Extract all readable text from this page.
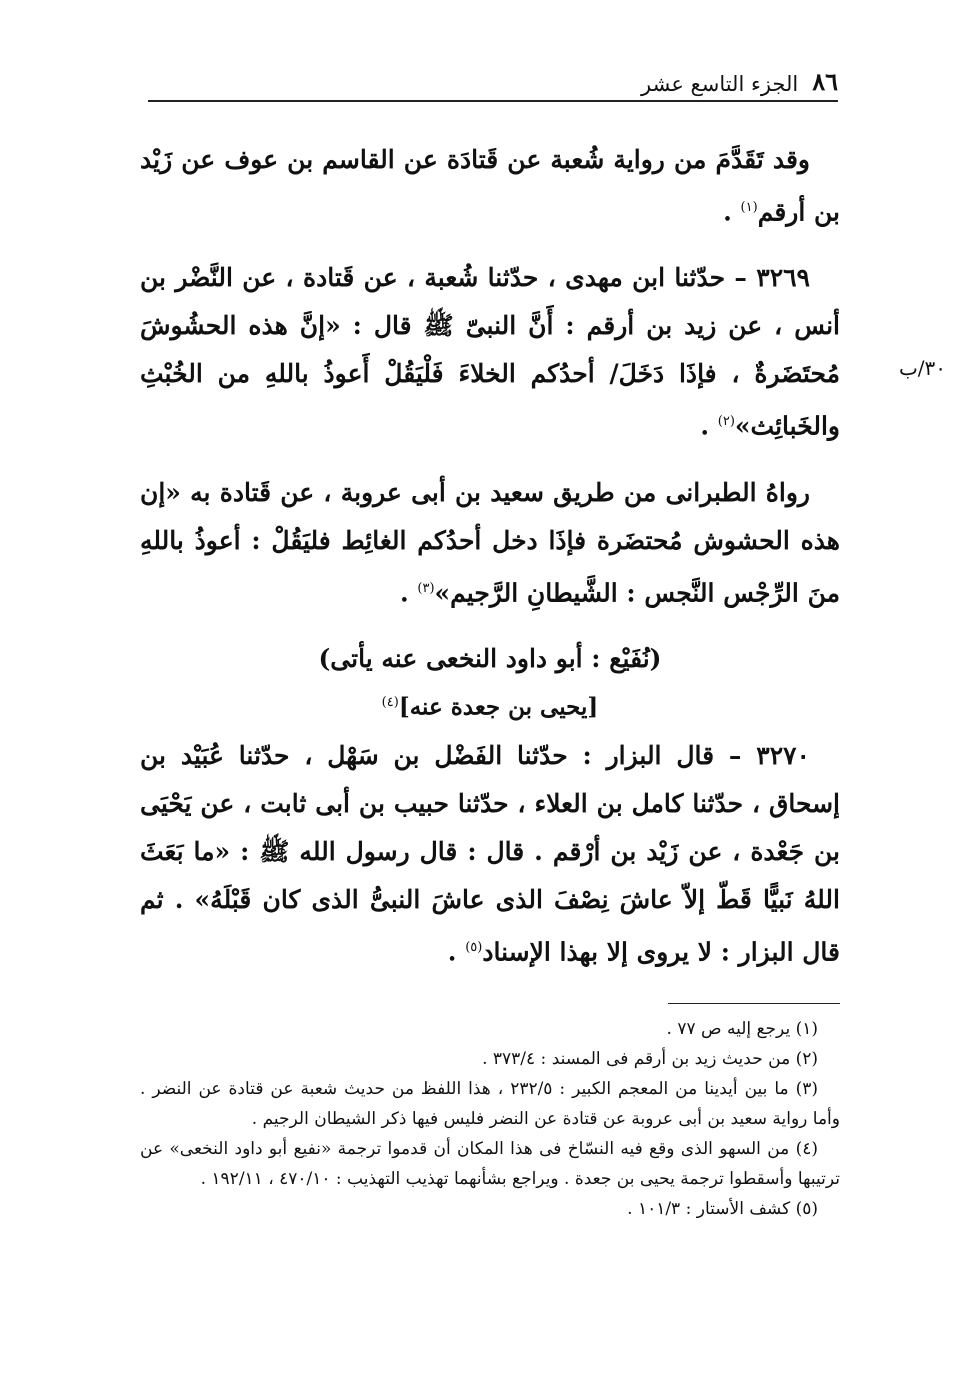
٨٦
الجزء التاسع عشر
٣٠/ب

وقد تَقَدَّمَ من رواية شُعبة عن قَتادَة عن القاسم بن عوف عن زَيْد بن أرقم$^{(١)}$ .

٣٢٦٩ – حدّثنا ابن مهدى ، حدّثنا شُعبة ، عن قَتادة ، عن النَّضْر بن أنس ، عن زيد بن أرقم : أَنَّ النبىّ ﷺ قال : «إنَّ هذه الحشُوشَ مُحتَضَرةٌ ، فإذَا دَخَلَ/ أحدُكم الخلاءَ فَلْيَقُلْ أَعوذُ باللهِ من الخُبْثِ والخَبائِث»$^{(٢)}$ .

رواهُ الطبرانى من طريق سعيد بن أبى عروبة ، عن قَتادة به «إن هذه الحشوش مُحتضَرة فإذَا دخل أحدُكم الغائِط فليَقُلْ : أعوذُ باللهِ منَ الرِّجْس النَّجس : الشَّيطانِ الرَّجيم»$^{(٣)}$ .

(نُفَيْع : أبو داود النخعى عنه يأتى)

[يحيى بن جعدة عنه]$^{(٤)}$

٣٢٧٠ – قال البزار : حدّثنا الفَضْل بن سَهْل ، حدّثنا عُبَيْد بن إسحاق ، حدّثنا كامل بن العلاء ، حدّثنا حبيب بن أبى ثابت ، عن يَحْيَى بن جَعْدة ، عن زَيْد بن أرْقم . قال : قال رسول الله ﷺ : «ما بَعَثَ اللهُ نَبيًّا قَطّ إلاّ عاشَ نِصْفَ الذى عاشَ النبىُّ الذى كان قَبْلَهُ» . ثم قال البزار : لا يروى إلا بهذا الإسناد$^{(٥)}$ .

(١) يرجع إليه ص ٧٧ .

(٢) من حديث زيد بن أرقم فى المسند : ٣٧٣/٤ .

(٣) ما بين أيدينا من المعجم الكبير : ٢٣٢/٥ ، هذا اللفظ من حديث شعبة عن قتادة عن النضر . وأما رواية سعيد بن أبى عروبة عن قتادة عن النضر فليس فيها ذكر الشيطان الرجيم .

(٤) من السهو الذى وقع فيه النسّاخ فى هذا المكان أن قدموا ترجمة «نفيع أبو داود النخعى» عن ترتيبها وأسقطوا ترجمة يحيى بن جعدة . ويراجع بشأنهما تهذيب التهذيب : ٤٧٠/١٠ ، ١٩٢/١١ .

(٥) كشف الأستار : ١٠١/٣ .
